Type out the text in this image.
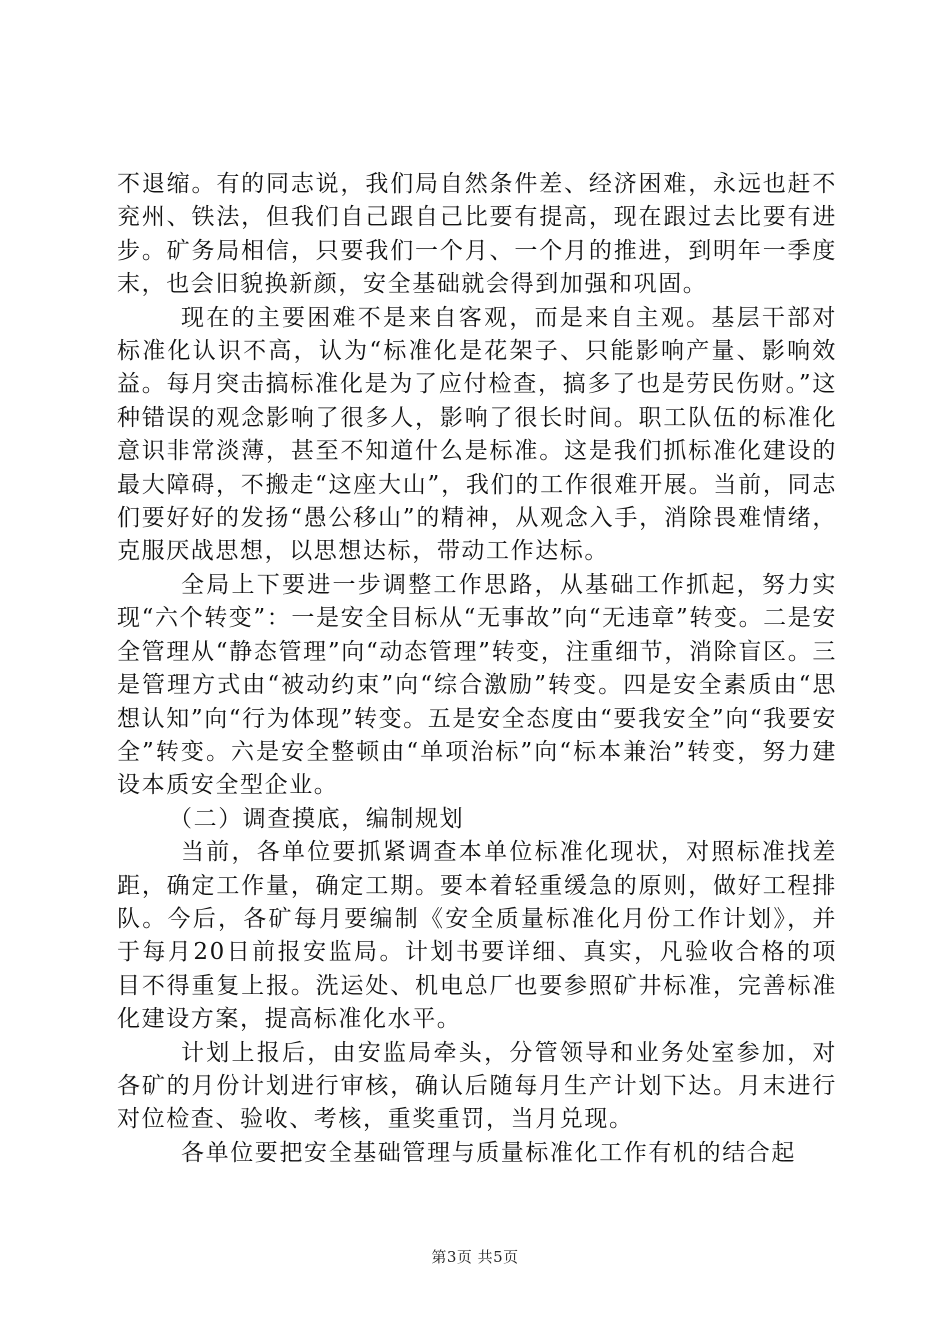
不退缩。有的同志说，我们局自然条件差、经济困难，永远也赶不兖州、铁法，但我们自己跟自己比要有提高，现在跟过去比要有进步。矿务局相信，只要我们一个月、一个月的推进，到明年一季度末，也会旧貌换新颜，安全基础就会得到加强和巩固。

现在的主要困难不是来自客观，而是来自主观。基层干部对标准化认识不高，认为“标准化是花架子、只能影响产量、影响效益。每月突击搞标准化是为了应付检查，搞多了也是劳民伤财。”这种错误的观念影响了很多人，影响了很长时间。职工队伍的标准化意识非常淡薄，甚至不知道什么是标准。这是我们抓标准化建设的最大障碍，不搬走“这座大山”，我们的工作很难开展。当前，同志们要好好的发扬“愚公移山”的精神，从观念入手，消除畏难情绪，克服厌战思想，以思想达标，带动工作达标。

全局上下要进一步调整工作思路，从基础工作抓起，努力实现“六个转变”：一是安全目标从“无事故”向“无违章”转变。二是安全管理从“静态管理”向“动态管理”转变，注重细节，消除盲区。三是管理方式由“被动约束”向“综合激励”转变。四是安全素质由“思想认知”向“行为体现”转变。五是安全态度由“要我安全”向“我要安全”转变。六是安全整顿由“单项治标”向“标本兼治”转变，努力建设本质安全型企业。

（二）调查摸底，编制规划

当前，各单位要抓紧调查本单位标准化现状，对照标准找差距，确定工作量，确定工期。要本着轻重缓急的原则，做好工程排队。今后，各矿每月要编制《安全质量标准化月份工作计划》，并于每月20日前报安监局。计划书要详细、真实，凡验收合格的项目不得重复上报。洗运处、机电总厂也要参照矿井标准，完善标准化建设方案，提高标准化水平。

计划上报后，由安监局牵头，分管领导和业务处室参加，对各矿的月份计划进行审核，确认后随每月生产计划下达。月末进行对位检查、验收、考核，重奖重罚，当月兑现。

各单位要把安全基础管理与质量标准化工作有机的结合起

第3页 共5页
